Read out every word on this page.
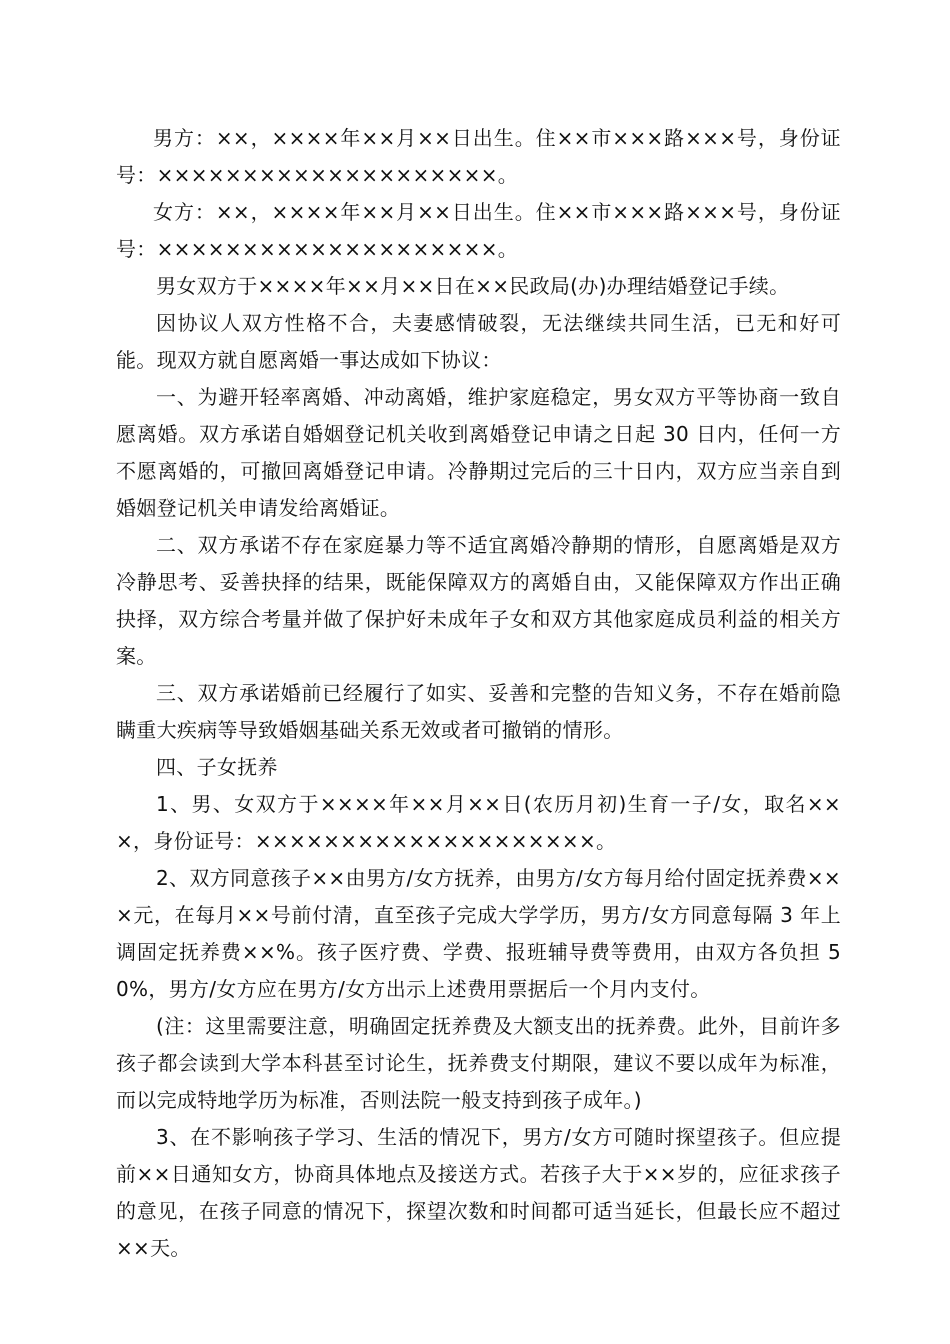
男方：××，××××年××月××日出生。住××市×××路×××号，身份证号：××××××××××××××××××××。

女方：××，××××年××月××日出生。住××市×××路×××号，身份证号：××××××××××××××××××××。

男女双方于××××年××月××日在××民政局(办)办理结婚登记手续。

因协议人双方性格不合，夫妻感情破裂，无法继续共同生活，已无和好可能。现双方就自愿离婚一事达成如下协议：

一、为避开轻率离婚、冲动离婚，维护家庭稳定，男女双方平等协商一致自愿离婚。双方承诺自婚姻登记机关收到离婚登记申请之日起 30 日内，任何一方不愿离婚的，可撤回离婚登记申请。冷静期过完后的三十日内，双方应当亲自到婚姻登记机关申请发给离婚证。

二、双方承诺不存在家庭暴力等不适宜离婚冷静期的情形，自愿离婚是双方冷静思考、妥善抉择的结果，既能保障双方的离婚自由，又能保障双方作出正确抉择，双方综合考量并做了保护好未成年子女和双方其他家庭成员利益的相关方案。

三、双方承诺婚前已经履行了如实、妥善和完整的告知义务，不存在婚前隐瞒重大疾病等导致婚姻基础关系无效或者可撤销的情形。

四、子女抚养

1、男、女双方于××××年××月××日(农历月初)生育一子/女，取名×××，身份证号：××××××××××××××××××××。

2、双方同意孩子××由男方/女方抚养，由男方/女方每月给付固定抚养费×××元，在每月××号前付清，直至孩子完成大学学历，男方/女方同意每隔 3 年上调固定抚养费××%。孩子医疗费、学费、报班辅导费等费用，由双方各负担 50%，男方/女方应在男方/女方出示上述费用票据后一个月内支付。

(注：这里需要注意，明确固定抚养费及大额支出的抚养费。此外，目前许多孩子都会读到大学本科甚至讨论生，抚养费支付期限，建议不要以成年为标准，而以完成特地学历为标准，否则法院一般支持到孩子成年。)

3、在不影响孩子学习、生活的情况下，男方/女方可随时探望孩子。但应提前××日通知女方，协商具体地点及接送方式。若孩子大于××岁的，应征求孩子的意见，在孩子同意的情况下，探望次数和时间都可适当延长，但最长应不超过××天。
